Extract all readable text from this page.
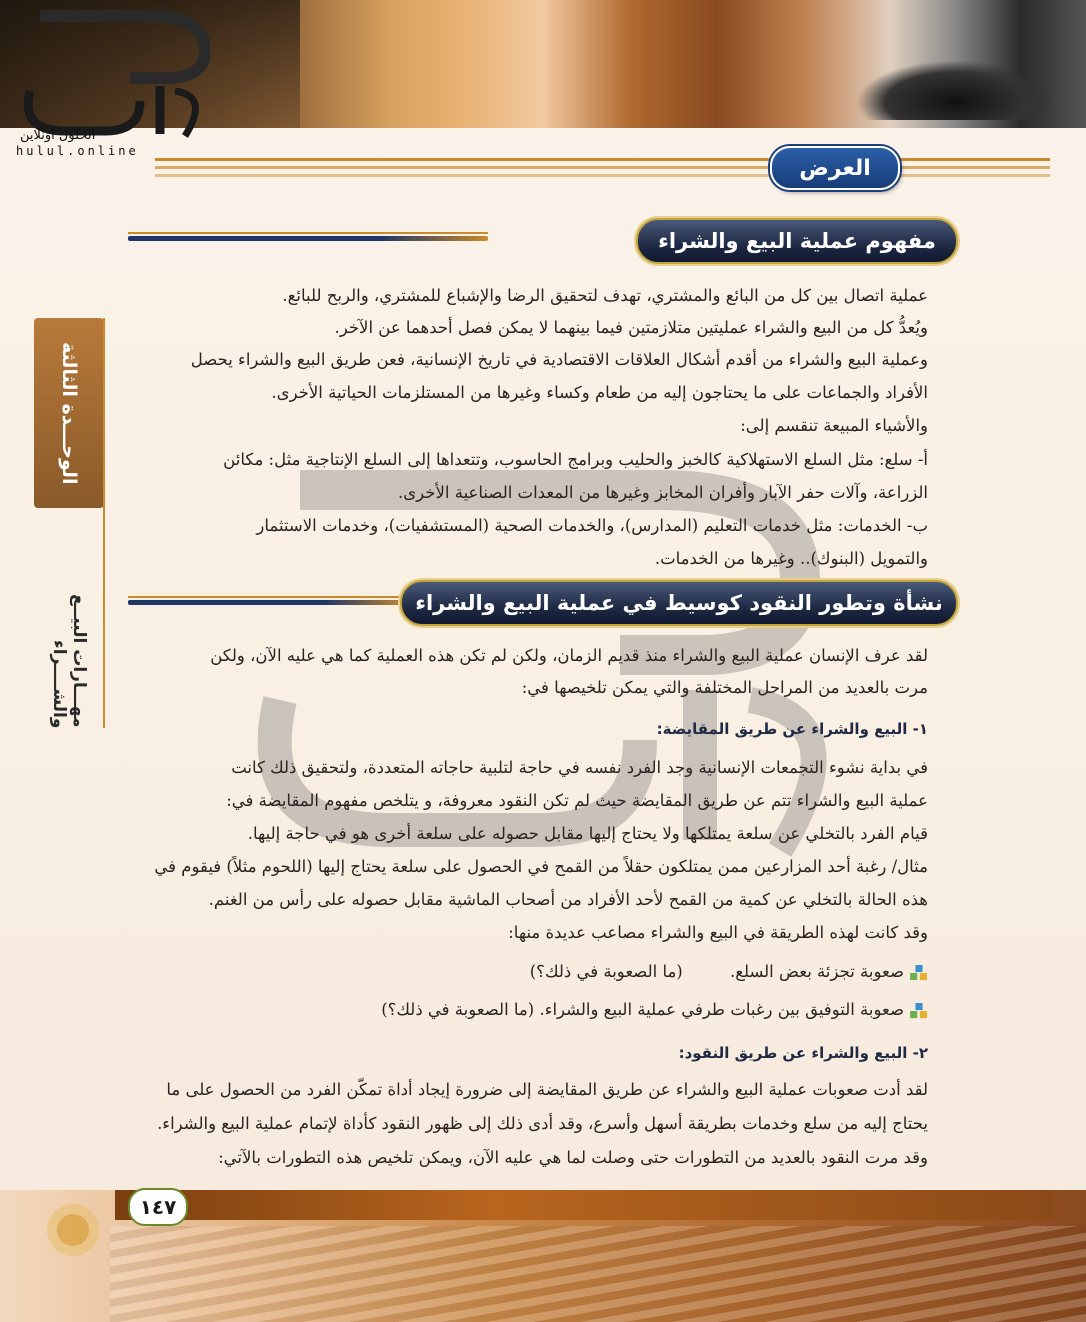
الحلول أونلاين
hulul.online
العرض
الوحـــدة الثالثة
مهـــارات البيــع والشــــراء
مفهوم عملية البيع والشراء
عملية اتصال بين كل من البائع والمشتري، تهدف لتحقيق الرضا والإشباع للمشتري، والربح للبائع.
ويُعدُّ كل من البيع والشراء عمليتين متلازمتين فيما بينهما لا يمكن فصل أحدهما عن الآخر.
وعملية البيع والشراء من أقدم أشكال العلاقات الاقتصادية في تاريخ الإنسانية، فعن طريق البيع والشراء يحصل
الأفراد والجماعات على ما يحتاجون إليه من طعام وكساء وغيرها من المستلزمات الحياتية الأخرى.
والأشياء المبيعة تنقسم إلى:
أ- سلع: مثل السلع الاستهلاكية كالخبز والحليب وبرامج الحاسوب، وتتعداها إلى السلع الإنتاجية مثل: مكائن
الزراعة، وآلات حفر الآبار وأفران المخابز وغيرها من المعدات الصناعية الأخرى.
ب- الخدمات: مثل خدمات التعليم (المدارس)، والخدمات الصحية (المستشفيات)، وخدمات الاستثمار
والتمويل (البنوك).. وغيرها من الخدمات.
نشأة وتطور النقود كوسيط في عملية البيع والشراء
لقد عرف الإنسان عملية البيع والشراء منذ قديم الزمان، ولكن لم تكن هذه العملية كما هي عليه الآن، ولكن
مرت بالعديد من المراحل المختلفة والتي يمكن تلخيصها في:
١- البيع والشراء عن طريق المقايضة:
في بداية نشوء التجمعات الإنسانية وجد الفرد نفسه في حاجة لتلبية حاجاته المتعددة، ولتحقيق ذلك كانت
عملية البيع والشراء تتم عن طريق المقايضة حيث لم تكن النقود معروفة، و يتلخص مفهوم المقايضة في:
قيام الفرد بالتخلي عن سلعة يمتلكها ولا يحتاج إليها مقابل حصوله على سلعة أخرى هو في حاجة إليها.
مثال/ رغبة أحد المزارعين ممن يمتلكون حقلاً من القمح في الحصول على سلعة يحتاج إليها (اللحوم مثلاً) فيقوم في
هذه الحالة بالتخلي عن كمية من القمح لأحد الأفراد من أصحاب الماشية مقابل حصوله على رأس من الغنم.
وقد كانت لهذه الطريقة في البيع والشراء مصاعب عديدة منها:
صعوبة تجزئة بعض السلع.         (ما الصعوبة في ذلك؟)
صعوبة التوفيق بين رغبات طرفي عملية البيع والشراء. (ما الصعوبة في ذلك؟)
٢- البيع والشراء عن طريق النقود:
لقد أدت صعوبات عملية البيع والشراء عن طريق المقايضة إلى ضرورة إيجاد أداة تمكّن الفرد من الحصول على ما
يحتاج إليه من سلع وخدمات بطريقة أسهل وأسرع، وقد أدى ذلك إلى ظهور النقود كأداة لإتمام عملية البيع والشراء.
وقد مرت النقود بالعديد من التطورات حتى وصلت لما هي عليه الآن، ويمكن تلخيص هذه التطورات بالآتي:
١٤٧
